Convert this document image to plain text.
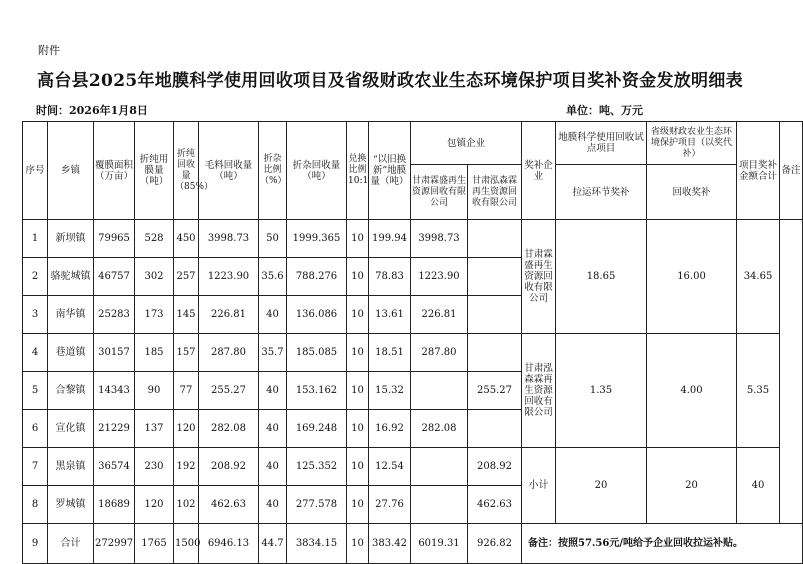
附件
高台县2025年地膜科学使用回收项目及省级财政农业生态环境保护项目奖补资金发放明细表
时间：2026年1月8日	单位：吨、万元
序号	乡镇	覆膜面积（万亩）	折纯用膜量（吨）	折纯回收量（85%）	毛料回收量（吨）	折杂比例（%）	折杂回收量（吨）	兑换比例10:1	“以旧换新”地膜量（吨）	包镇企业		奖补企业	地膜科学使用回收试点项目	省级财政农业生态环境保护项目（以奖代补）	项目奖补金额合计	备注
										甘肃霖盛再生资源回收有限公司	甘肃泓森霖再生资源回收有限公司		拉运环节奖补	回收奖补		
1	新坝镇	79965	528	450	3998.73	50	1999.365	10	199.94	3998.73		甘肃霖盛再生资源回收有限公司	18.65	16.00	34.65	
2	骆驼城镇	46757	302	257	1223.90	35.6	788.276	10	78.83	1223.90						
3	南华镇	25283	173	145	226.81	40	136.086	10	13.61	226.81						
4	巷道镇	30157	185	157	287.80	35.7	185.085	10	18.51	287.80		甘肃泓森霖再生资源回收有限公司	1.35	4.00	5.35	
5	合黎镇	14343	90	77	255.27	40	153.162	10	15.32		255.27					
6	宣化镇	21229	137	120	282.08	40	169.248	10	16.92	282.08						
7	黑泉镇	36574	230	192	208.92	40	125.352	10	12.54		208.92	小计	20	20	40	
8	罗城镇	18689	120	102	462.63	40	277.578	10	27.76		462.63					
9	合计	272997	1765	1500	6946.13	44.7	3834.15	10	383.42	6019.31	926.82	备注：按照57.56元/吨给予企业回收拉运补贴。				
